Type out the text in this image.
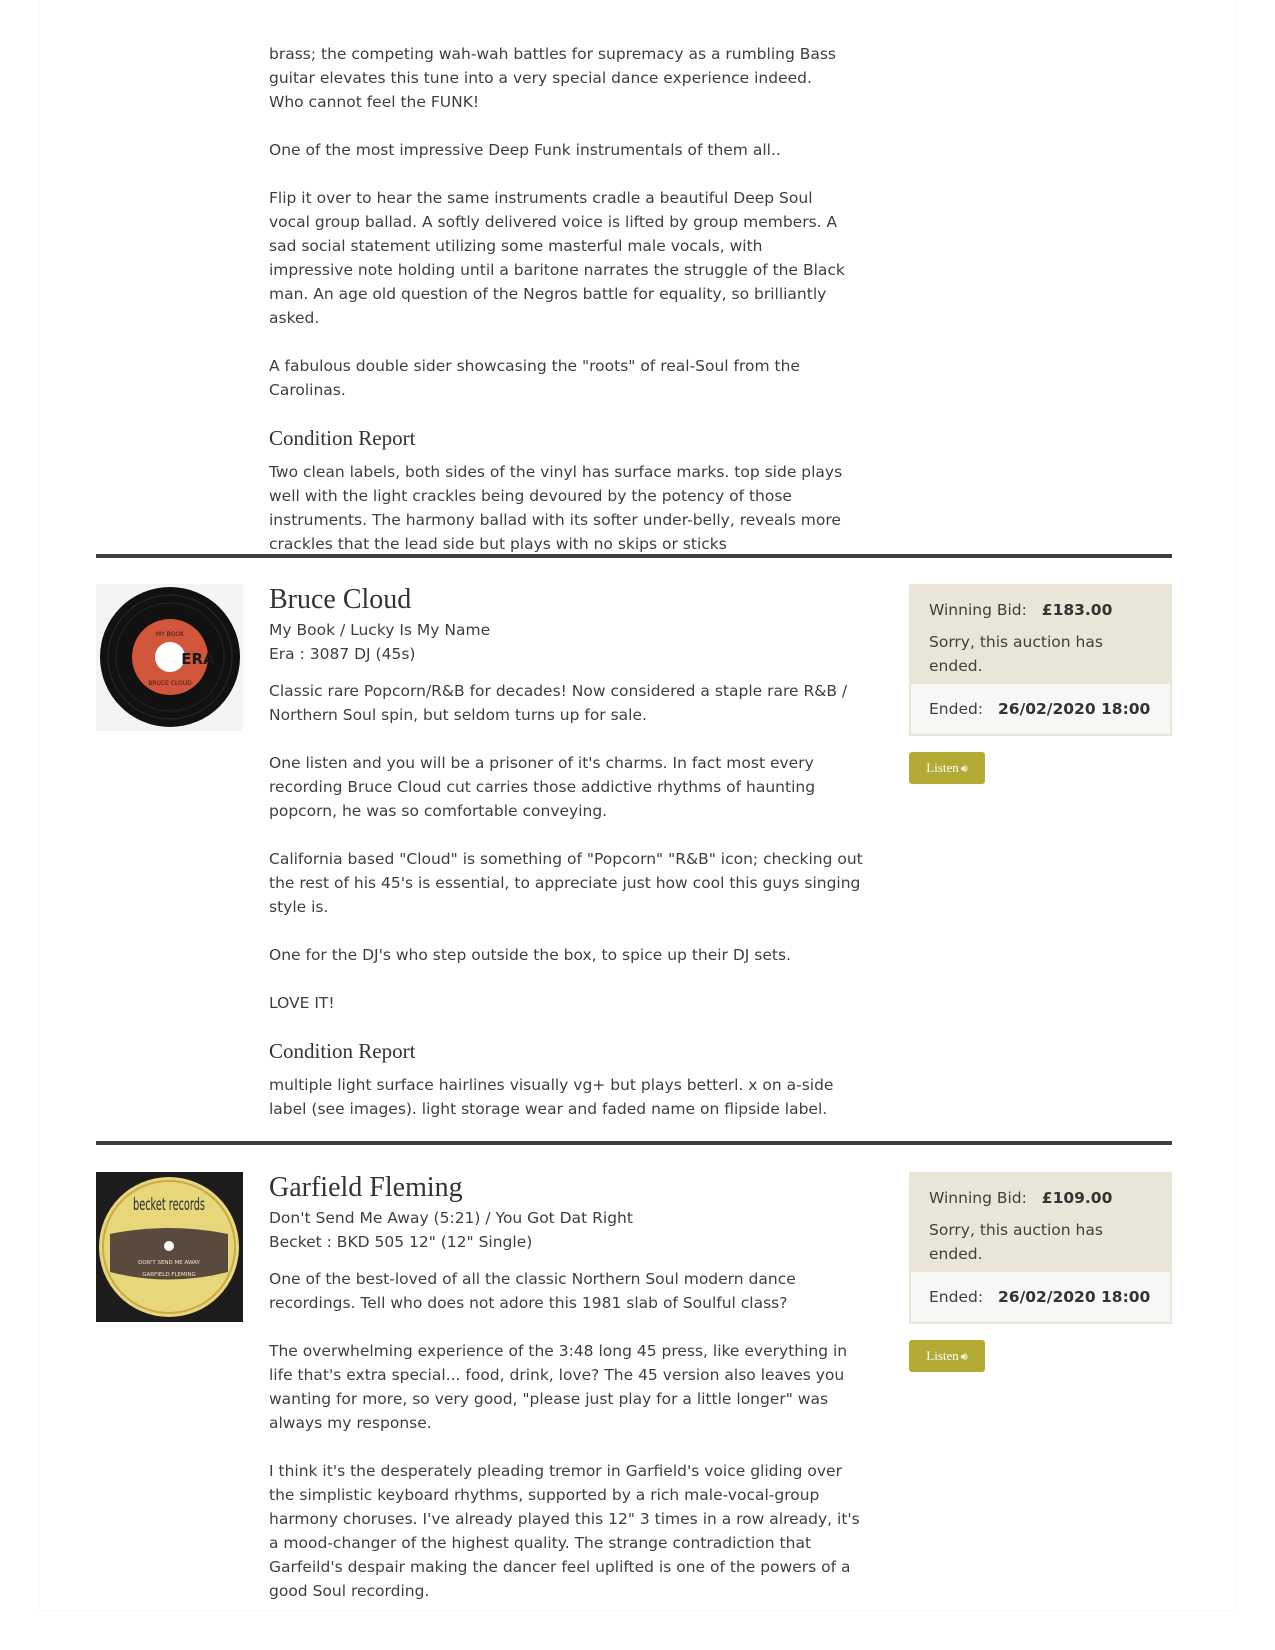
brass; the competing wah-wah battles for supremacy as a rumbling Bass guitar elevates this tune into a very special dance experience indeed. Who cannot feel the FUNK!

One of the most impressive Deep Funk instrumentals of them all..

Flip it over to hear the same instruments cradle a beautiful Deep Soul vocal group ballad. A softly delivered voice is lifted by group members. A sad social statement utilizing some masterful male vocals, with impressive note holding until a baritone narrates the struggle of the Black man. An age old question of the Negros battle for equality, so brilliantly asked.

A fabulous double sider showcasing the "roots" of real-Soul from the Carolinas.

Condition Report

Two clean labels, both sides of the vinyl has surface marks. top side plays well with the light crackles being devoured by the potency of those instruments. The harmony ballad with its softer under-belly, reveals more crackles that the lead side but plays with no skips or sticks

MY BOOK
ERA
BRUCE CLOUD
Bruce Cloud
My Book / Lucky Is My Name
Era : 3087 DJ (45s)

Classic rare Popcorn/R&B for decades! Now considered a staple rare R&B / Northern Soul spin, but seldom turns up for sale.

One listen and you will be a prisoner of it's charms. In fact most every recording Bruce Cloud cut carries those addictive rhythms of haunting popcorn, he was so comfortable conveying.

California based "Cloud" is something of "Popcorn" "R&B" icon; checking out the rest of his 45's is essential, to appreciate just how cool this guys singing style is.

One for the DJ's who step outside the box, to spice up their DJ sets.

LOVE IT!

Condition Report

multiple light surface hairlines visually vg+ but plays betterl. x on a-side label (see images). light storage wear and faded name on flipside label.

Winning Bid: £183.00
Sorry, this auction has ended.
Ended: 26/02/2020 18:00
Listen 🔊︎
becket records
DON'T SEND ME AWAY
GARFIELD FLEMING
Garfield Fleming
Don't Send Me Away (5:21) / You Got Dat Right
Becket : BKD 505 12" (12" Single)

One of the best-loved of all the classic Northern Soul modern dance recordings. Tell who does not adore this 1981 slab of Soulful class?

The overwhelming experience of the 3:48 long 45 press, like everything in life that's extra special... food, drink, love? The 45 version also leaves you wanting for more, so very good, "please just play for a little longer" was always my response.

I think it's the desperately pleading tremor in Garfield's voice gliding over the simplistic keyboard rhythms, supported by a rich male-vocal-group harmony choruses. I've already played this 12" 3 times in a row already, it's a mood-changer of the highest quality. The strange contradiction that Garfeild's despair making the dancer feel uplifted is one of the powers of a good Soul recording.

Winning Bid: £109.00
Sorry, this auction has ended.
Ended: 26/02/2020 18:00
Listen 🔊︎
